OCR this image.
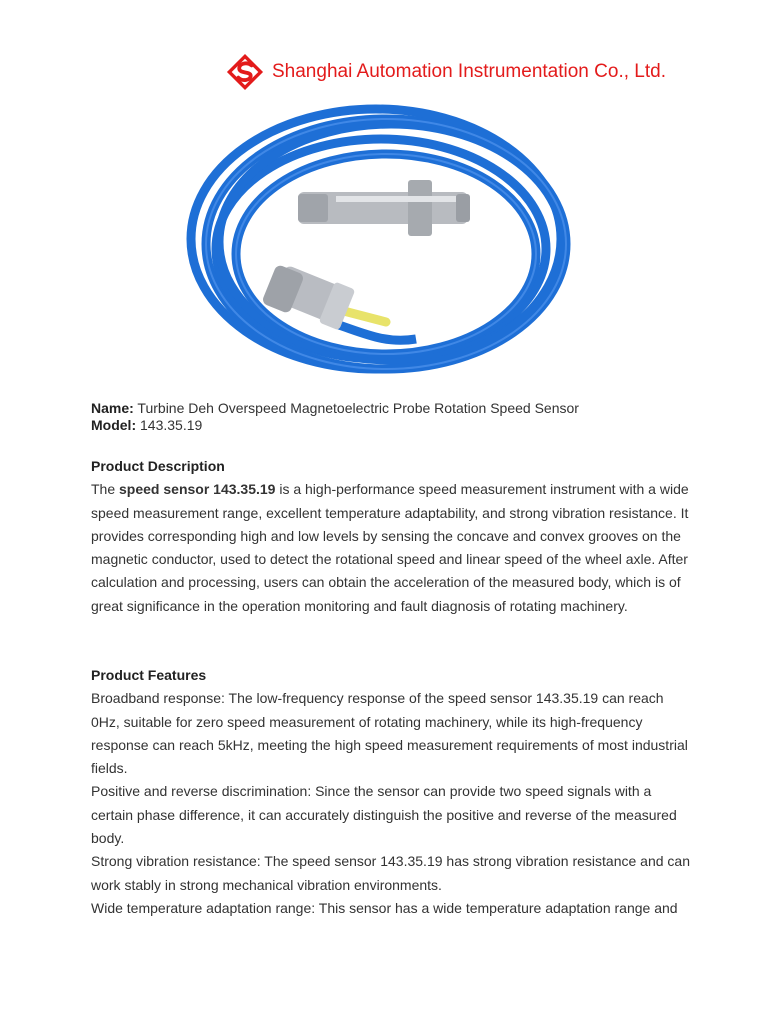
Shanghai Automation Instrumentation Co., Ltd.

Name: Turbine Deh Overspeed Magnetoelectric Probe Rotation Speed Sensor

Model: 143.35.19

Product Description

The speed sensor 143.35.19 is a high-performance speed measurement instrument with a wide speed measurement range, excellent temperature adaptability, and strong vibration resistance. It provides corresponding high and low levels by sensing the concave and convex grooves on the magnetic conductor, used to detect the rotational speed and linear speed of the wheel axle. After calculation and processing, users can obtain the acceleration of the measured body, which is of great significance in the operation monitoring and fault diagnosis of rotating machinery.

Product Features

Broadband response: The low-frequency response of the speed sensor 143.35.19 can reach 0Hz, suitable for zero speed measurement of rotating machinery, while its high-frequency response can reach 5kHz, meeting the high speed measurement requirements of most industrial fields.

Positive and reverse discrimination: Since the sensor can provide two speed signals with a certain phase difference, it can accurately distinguish the positive and reverse of the measured body.

Strong vibration resistance: The speed sensor 143.35.19 has strong vibration resistance and can work stably in strong mechanical vibration environments.

Wide temperature adaptation range: This sensor has a wide temperature adaptation range and
